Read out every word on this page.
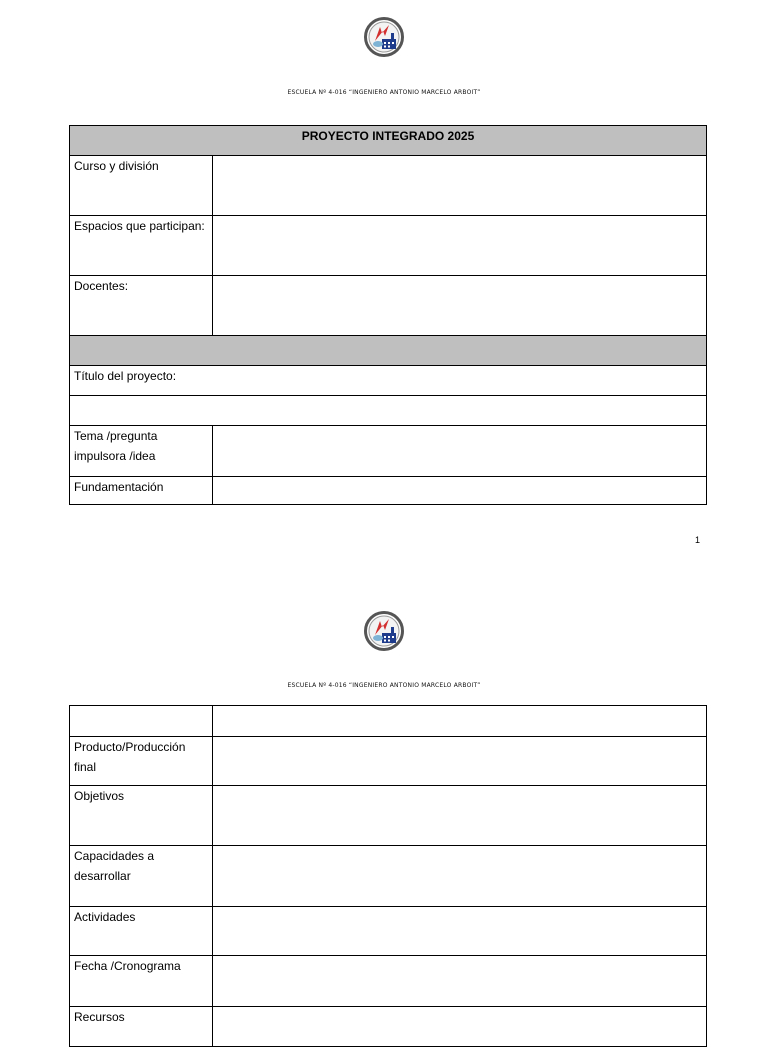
ESCUELA Nº 4-016 “INGENIERO ANTONIO MARCELO ARBOIT”
PROYECTO INTEGRADO 2025	
Curso y división	
Espacios que participan:	
Docentes:	

Título del proyecto:	

Tema /pregunta impulsora /idea	
Fundamentación	
1
ESCUELA Nº 4-016 “INGENIERO ANTONIO MARCELO ARBOIT”

Producto/Producción final	
Objetivos	
Capacidades a desarrollar	
Actividades	
Fecha /Cronograma	
Recursos	
